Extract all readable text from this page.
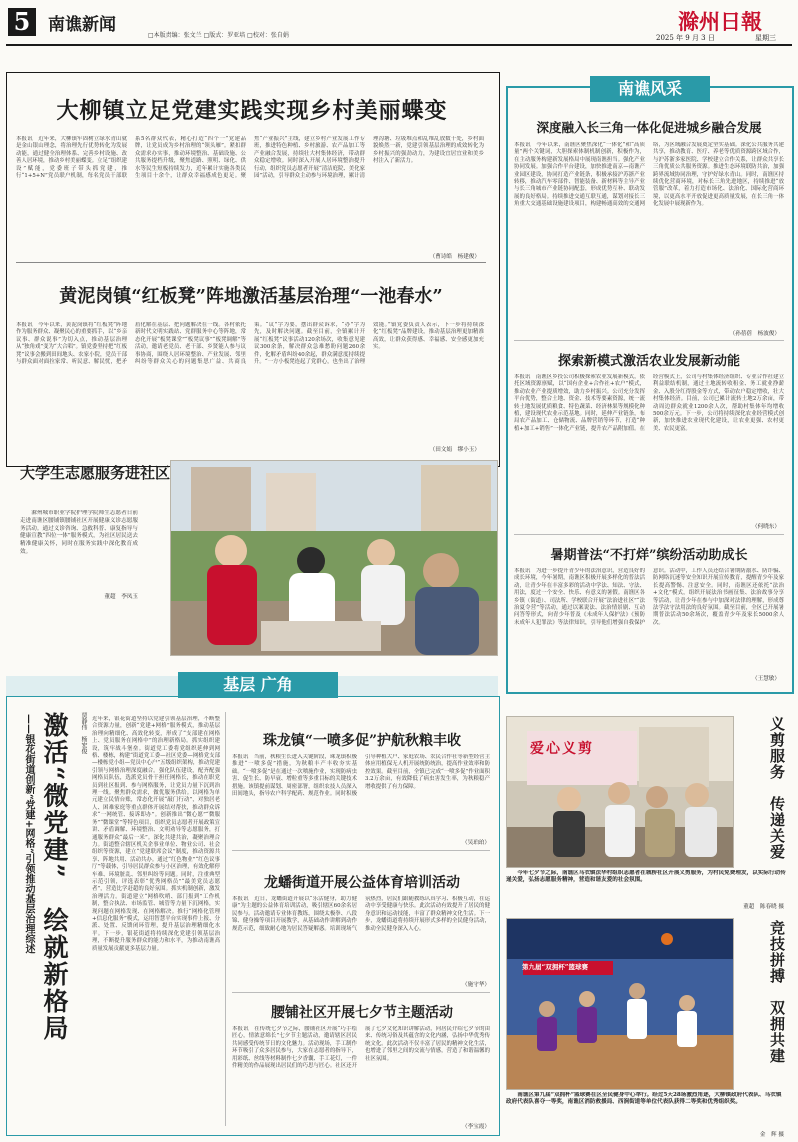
5	南谯新闻
□本版责编：张文兰 □版式：罗亚培 □校对：张自娟
滁州日報
2025 年 9 月 3 日	星期三
大柳镇立足党建实践实现乡村美丽蝶变
本报讯　近年来，大柳镇牢固树立绿水青山就是金山银山理念，将治理先行优势转化为发展动能，通过健全治理体系、完善乡村设施、改善人居环境，推动乡村美丽蝶变。立足“组织建设”赋能，党委班子带头抓党建，推行“1+5+N”党员联户机制，每名党员干部联系5名群众代表，精心打造“四个一”党建品牌，让党员成为乡村治理的“领头雁”。紧扣群众需求办实事，推动环境整治、基础设施、公共服务提档升级，聚焦道路、照明、绿化、供水等民生短板持续发力，近年累计实施各类民生项目十余个，让群众幸福感成色更足。聚焦“产业振兴”主线，建立乡村产业发展工作专班，推进特色种植、乡村旅游、农产品加工等产业融合发展，持续壮大村集体经济，带动群众稳定增收。同时深入开展人居环境整治提升行动，组织党员志愿者开展“清洁庭院、美化家园”活动，引导群众主动参与环境治理，累计清理沟塘、垃圾堆点和乱堆乱放数十处，乡村面貌焕然一新，党建引领基层治理的成效转化为乡村振兴的强劲动力，为建设宜居宜业和美乡村注入了新活力。
（曹诗皓　杨建俊）
黄泥岗镇“红板凳”阵地激活基层治理“一池春水”
本报讯　今年以来，黄泥岗镇将“红板凳”阵地作为服务群众、凝聚民心的重要抓手，以“乡亲议事、群众说事”为切入点，推动基层治理从“独角戏”变为“大合唱”。镇党委坚持把“红板凳”议事会搬到田间地头、农家小院，党员干部与群众面对面拉家常、听民意、解民忧，把矛盾化解在基层、把问题解决在一线。各村依托新时代文明实践站、党群服务中心等阵地，常态化开展“板凳课堂”“板凳议事”“板凳调解”等活动，邀请老党员、老干部、乡贤能人参与议事协商，围绕人居环境整治、产业发展、邻里纠纷等群众关心的问题集思广益、共商良策。“议”字为要，摆出群众诉求，“办”字为先，及时解决问题。截至目前，全镇累计开展“红板凳”议事活动120余场次，收集意见建议300余条，解决群众急难愁盼问题260余件，化解矛盾纠纷40余起，群众满意度持续提升。“一方小板凳连起了党群心，也坐出了治理效能。”镇党委负责人表示，下一步将持续深化“红板凳”品牌建设，推动基层治理更加精准高效，让群众获得感、幸福感、安全感更加充实。
（田文娟　缪小玉）
大学生志愿服务进社区
　　滁州城市职业学院护理学院师生志愿者日前走进南谯区腰铺镇腰铺社区开展健康义诊志愿服务活动。通过义诊咨询、急救科普、康复指导与健康宣教“四位一体”服务模式，为社区居民送去精准健康关怀，同时在服务实践中深化教育成效。
董超　李凤玉
基层 广角
——银花街道创新“党建+网格”引领推动基层治理综述 激活“微党建”　绘就新格局	贾静伟　杨宏俊 近年来，银花街道坚持以党建引领基层治理，不断整合资源力量，创新“党建+网格”服务模式，推动基层治理向精细化、高效化转变，形成了“支部建在网格上、党员服务在网格中”的治理新格局。抓实组织建设，筑牢战斗堡垒。街道党工委将党组织延伸到网格、楼栋，构建“街道党工委—社区党委—网格党支部—楼栋党小组—党员中心户”五级组织架构，推动党建引领与网格治理深度融合。强化队伍建设，配齐配强网格员队伍，选派党员骨干担任网格长，推动在职党员到社区报到、参与网格服务，让党员力量下沉到治理一线。聚焦群众需求，做优服务供给。以网格为单元建立民情台账，常态化开展“敲门行动”，对独居老人、困难家庭等重点群体开展结对帮扶，推动群众诉求“一网统管、接诉即办”。创新推出“微心愿”“微服务”“微课堂”等特色项目，组织党员志愿者开展政策宣讲、矛盾调解、环境整治、文明劝导等志愿服务，打通服务群众“最后一米”。深化共建共治，凝聚治理合力。街道整合辖区机关企事业单位、物业公司、社会组织等资源，建立“党建联席会议”制度，推动资源共享、阵地共用、活动共办。通过“红色物业”“红色议事厅”等载体，引导居民群众参与小区治理，有效化解停车难、环境脏乱、邻里纠纷等问题。同时，注重典型示范引领，评选表彰“优秀网格员”“最美党员志愿者”，营造比学赶超的良好氛围。抓实机制创新，激发治理活力。街道建立“网格吹哨、部门报到”工作机制，整合执法、市场监管、城管等力量下沉网格，实现问题在网格发现、在网格解决。推行“网格化管理+信息化服务”模式，运用智慧平台实现事件上报、分派、处置、反馈闭环管理，提升基层治理精细化水平。下一步，银花街道将持续深化党建引领基层治理，不断提升服务群众的能力和水平，为推动南谯高质量发展贡献更多基层力量。
珠龙镇“一喷多促”护航秋粮丰收
本报讯　当前，秋粮生长进入关键阶段，珠龙镇积极推进“一喷多促”措施，为秋粮丰产丰收夯实基础。“一喷多促”是在通过一次喷施作业，实现防病虫害、促生长、防早衰、增粒重等多重目标的关键技术措施。该镇提前谋划、周密部署，组织农技人员深入田间地头，指导农户科学配药、规范作业。同时积极引导种植大户、家庭农场、农民合作社等新型经营主体应用植保无人机开展统防统治，提高作业效率和防控效果。截至目前，全镇已完成“一喷多促”作业面积3.2万余亩，有效降低了病虫害发生率，为秋粮稳产增收提供了有力保障。
（吴珀珀）
龙蟠街道开展公益体育培训活动
本报讯　近日，龙蟠街道开展以“乐活健身，助力健康”为主题的公益体育培训活动，吸引辖区60余名居民参与。活动邀请专业体育教练，围绕太极拳、八段锦、健身操等项目开展教学，从基础动作讲解到动作规范示范，细致耐心地为居民答疑解惑。培训现场气氛热烈，居民们跟随教练认真学习、积极互动，在运动中享受健康与快乐。此次活动有效提升了居民的健身意识和运动技能，丰富了群众精神文化生活。下一步，龙蟠街道将持续开展形式多样的全民健身活动，推动全民健身深入人心。
（施守华）
腰铺社区开展七夕节主题活动
本报讯　在传统七夕节之际，腰铺社区开展“巧手绘匠心，情浓意绵长”七夕节主题活动，邀请辖区居民共同感受传统节日的文化魅力。活动现场，手工制作环节吸引了众多居民参与，大家在志愿者的指导下，用彩纸、丝线等材料制作七夕香囊、手工花灯，一件件精美的作品展现出居民们的巧思与匠心。社区还开展了七夕文化知识讲解活动，向居民介绍七夕节的由来、传统习俗及其蕴含的文化内涵，弘扬中华优秀传统文化。此次活动不仅丰富了居民的精神文化生活，也增进了邻里之间的交流与情感，营造了和谐温馨的社区氛围。
（李宝霞）
南谯风采
深度融入长三角一体化促进城乡融合发展
本报讯　今年以来，南谯区聚焦深化“一体化”和“高质量”两个关键词，大胆探索体制机制创新，积极作为，在主动服务构建新发展格局中展现南谯担当。强化产业协同发展。加强合作平台建设，加快推进南京—南谯产业园区建设，协同打造产业链条，积极承接沪苏浙产业转移，推动汽车零部件、智能装备、新材料等主导产业与长三角城市产业链协同配套，形成优势互补、联动发展的良好格局。持续推进交通互联互通，谋划对接长三角重大交通基础设施建设项目，构建畅通高效的交通网络，为区域融合发展奠定坚实基础。深化公共服务共建共享，推动教育、医疗、养老等优质资源跨区域合作，与沪苏浙多家医院、学校建立合作关系，让群众共享长三角优质公共服务资源。推进生态环境联防共治，加强跨界流域协同治理，守护好绿水青山。同时，南谯区持续优化营商环境，对标长三角先进地区，持续推进“放管服”改革，着力打造市场化、法治化、国际化营商环境，以更高水平开放促进更高质量发展，在长三角一体化发展中展现新作为。
（孙蓓蓓　杨波俊）
探索新模式激活农业发展新动能
本报讯　南谯区乡投公司积极探索农业发展新模式，依托区域资源禀赋，以“国有企业+合作社+农户”模式，推动农业产业提质增效，助力乡村振兴。公司充分发挥平台优势，整合土地、资金、技术等要素资源，统一流转土地发展优质粮食、特色蔬菜、经济林果等规模化种植，建设现代农业示范基地。同时，延伸产业链条，布局农产品加工、仓储物流、品牌营销等环节，打造“种植+加工+销售”一体化产业链，提升农产品附加值。在经营模式上，公司与村集体经济组织、专业合作社建立利益联结机制，通过土地流转收租金、务工就业挣薪金、入股分红得股金等方式，带动农户稳定增收，壮大村集体经济。目前，公司已累计流转土地2万余亩，带动周边群众就业1200余人次，帮助村集体年均增收500余万元。下一步，公司将持续深化农业经营模式创新，加快推进农业现代化建设，让农业更强、农村更美、农民更富。
（何晓东）
暑期普法“不打烊”缤纷活动助成长
本报讯　为进一步提升青少年的法治意识，营造良好的成长环境，今年暑期，南谯区积极开展多样化的普法活动，让青少年在丰富多彩的活动中学法、知法、守法、用法，度过一个安全、快乐、有意义的暑假。南谯区各乡镇（街道）、司法所、学校联合开展“法治进社区”“法治夏令营”等活动，通过以案说法、法治情景剧、互动问答等形式，向青少年普及《未成年人保护法》《预防未成年人犯罪法》等法律知识，引导他们增强自我保护意识。活动中，工作人员还结合暑期防溺水、防诈骗、防网络沉迷等安全知识开展宣传教育，提醒青少年及家长提高警惕、注意安全。同时，南谯区还依托“法治+文化”模式，组织开展法治书画征集、法治故事分享等活动，让青少年在参与中加深对法律的理解，形成尊法学法守法用法的良好氛围。截至目前，全区已开展暑期普法活动50余场次，覆盖青少年及家长5000余人次。
（王慧敏）
爱心义剪	义剪服务　传递关爱
　　今年七夕节之际，南谯区乌衣镇法华村组织志愿者在城桥社区开展义剪服务，为村民免费理发，以实际行动传递关爱，弘扬志愿服务精神，营造和谐友爱的社会氛围。
董超　陈春晓 摄
第九届“双拥杯”篮球赛	竞技拼搏　双拥共建
　　南谯区第九届“双拥杯”篮球赛在区全民健身中心举行。经过5天28场激烈角逐，大柳镇政府代表队、乌衣镇政府代表队喜夺一等奖，南谯区消防救援局、西涧街道等单位代表队获得二等奖和优秀组织奖。
金　辉 摄
